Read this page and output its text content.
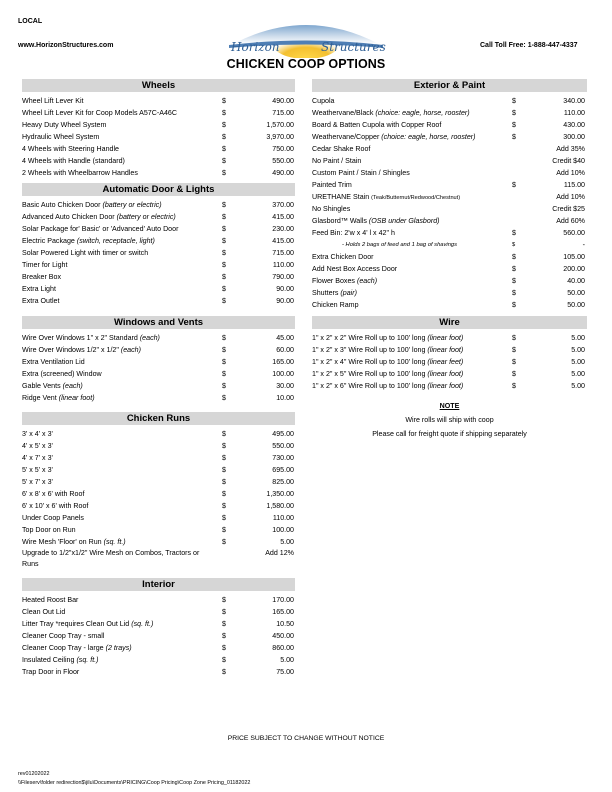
LOCAL
www.HorizonStructures.com	Call Toll Free: 1-888-447-4337
Horizon	Structures
CHICKEN COOP OPTIONS
Wheels
Wheel Lift Lever Kit	$	490.00
Wheel Lift Lever Kit for Coop Models A57C-A46C	$	715.00
Heavy Duty Wheel System	$	1,570.00
Hydraulic Wheel System	$	3,970.00
4 Wheels with Steering Handle	$	750.00
4 Wheels with Handle (standard)	$	550.00
2 Wheels with Wheelbarrow Handles	$	490.00
Automatic Door & Lights
Basic Auto Chicken Door (battery or electric)	$	370.00
Advanced Auto Chicken Door (battery or electric)	$	415.00
Solar Package for' Basic' or 'Advanced' Auto Door	$	230.00
Electric Package (switch, receptacle, light)	$	415.00
Solar Powered Light with timer or switch	$	715.00
Timer for Light	$	110.00
Breaker Box	$	790.00
Extra Light	$	90.00
Extra Outlet	$	90.00
Windows and Vents
Wire Over Windows 1" x 2" Standard (each)	$	45.00
Wire Over Windows 1/2" x 1/2" (each)	$	60.00
Extra Ventilation Lid	$	165.00
Extra (screened) Window	$	100.00
Gable Vents (each)	$	30.00
Ridge Vent (linear foot)	$	10.00
Chicken Runs
3' x 4' x 3'	$	495.00
4' x 5' x 3'	$	550.00
4' x 7' x 3'	$	730.00
5' x 5' x 3'	$	695.00
5' x 7' x 3'	$	825.00
6' x 8' x 6' with Roof	$	1,350.00
6' x 10' x 6' with Roof	$	1,580.00
Under Coop Panels	$	110.00
Top Door on Run	$	100.00
Wire Mesh 'Floor' on Run (sq. ft.)	$	5.00
Upgrade to 1/2"x1/2" Wire Mesh on Combos, Tractors or Runs
Add 12%
Interior
Heated Roost Bar	$	170.00
Clean Out Lid	$	165.00
Litter Tray *requires Clean Out Lid (sq. ft.)	$	10.50
Cleaner Coop Tray - small	$	450.00
Cleaner Coop Tray - large (2 trays)	$	860.00
Insulated Ceiling (sq. ft.)	$	5.00
Trap Door in Floor	$	75.00
Exterior & Paint
Cupola	$	340.00
Weathervane/Black (choice: eagle, horse, rooster)	$	110.00
Board & Batten Cupola with Copper Roof	$	430.00
Weathervane/Copper (choice: eagle, horse, rooster)	$	300.00
Cedar Shake Roof	Add 35%
No Paint / Stain	Credit $40
Custom Paint / Stain / Shingles	Add 10%
Painted Trim	$	115.00
URETHANE Stain (Teak/Butternut/Redwood/Chestnut)	Add 10%
No Shingles	Credit $25
Glasbord™ Walls (OSB under Glasbord)	Add 60%
Feed Bin: 2'w x 4' l x 42" h	$	560.00
- Holds 2 bags of feed and 1 bag of shavings	$	-
Extra Chicken Door	$	105.00
Add Nest Box Access Door	$	200.00
Flower Boxes (each)	$	40.00
Shutters (pair)	$	50.00
Chicken Ramp	$	50.00
Wire
1" x 2" x 2" Wire Roll up to 100' long (linear foot)	$	5.00
1" x 2" x 3" Wire Roll up to 100' long (linear foot)	$	5.00
1" x 2" x 4" Wire Roll up to 100' long (linear feet)	$	5.00
1" x 2" x 5" Wire Roll up to 100' long (linear foot)	$	5.00
1" x 2" x 6" Wire Roll up to 100' long (linear foot)	$	5.00
NOTE
Wire rolls will ship with coop
Please call for freight quote if shipping separately
PRICE SUBJECT TO CHANGE WITHOUT NOTICE
rev01202022
\\Fileserv\folder redirection$\jilu\Documents\PRICING\Coop Pricing\Coop Zone Pricing_01182022
